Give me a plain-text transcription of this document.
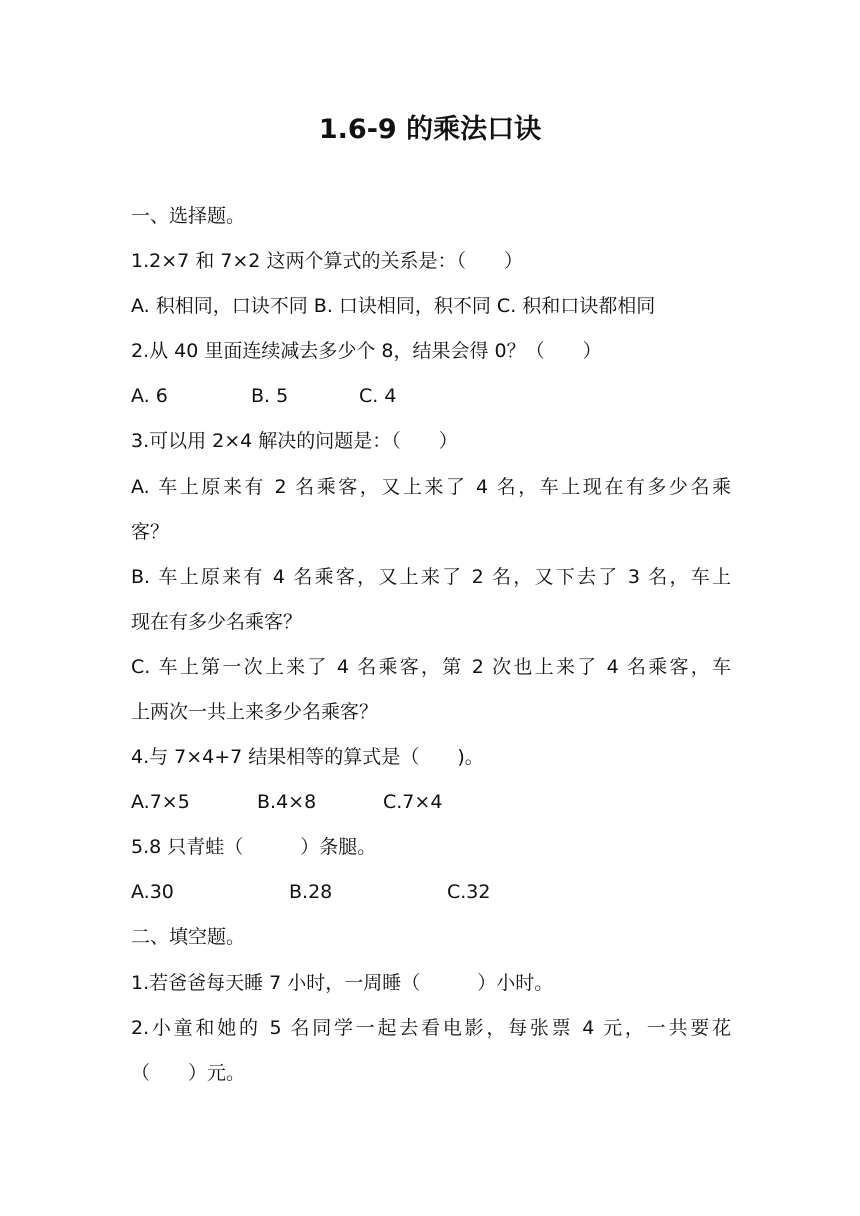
1.6-9 的乘法口诀
一、选择题。
1.2×7 和 7×2 这两个算式的关系是：（　　）
A. 积相同，口诀不同 B. 口诀相同，积不同 C. 积和口诀都相同
2.从 40 里面连续减去多少个 8，结果会得 0？（　　）
A. 6	B. 5	C. 4
3.可以用 2×4 解决的问题是：（　　）
A. 车上原来有 2 名乘客，又上来了 4 名，车上现在有多少名乘
客？
B. 车上原来有 4 名乘客，又上来了 2 名，又下去了 3 名，车上
现在有多少名乘客？
C. 车上第一次上来了 4 名乘客，第 2 次也上来了 4 名乘客，车
上两次一共上来多少名乘客？
4.与 7×4+7 结果相等的算式是（　　)。
A.7×5	B.4×8	C.7×4
5.8 只青蛙（　　　）条腿。
A.30	B.28	C.32
二、填空题。
1.若爸爸每天睡 7 小时，一周睡（　　　）小时。
2.小童和她的 5 名同学一起去看电影，每张票 4 元，一共要花
（　　）元。
